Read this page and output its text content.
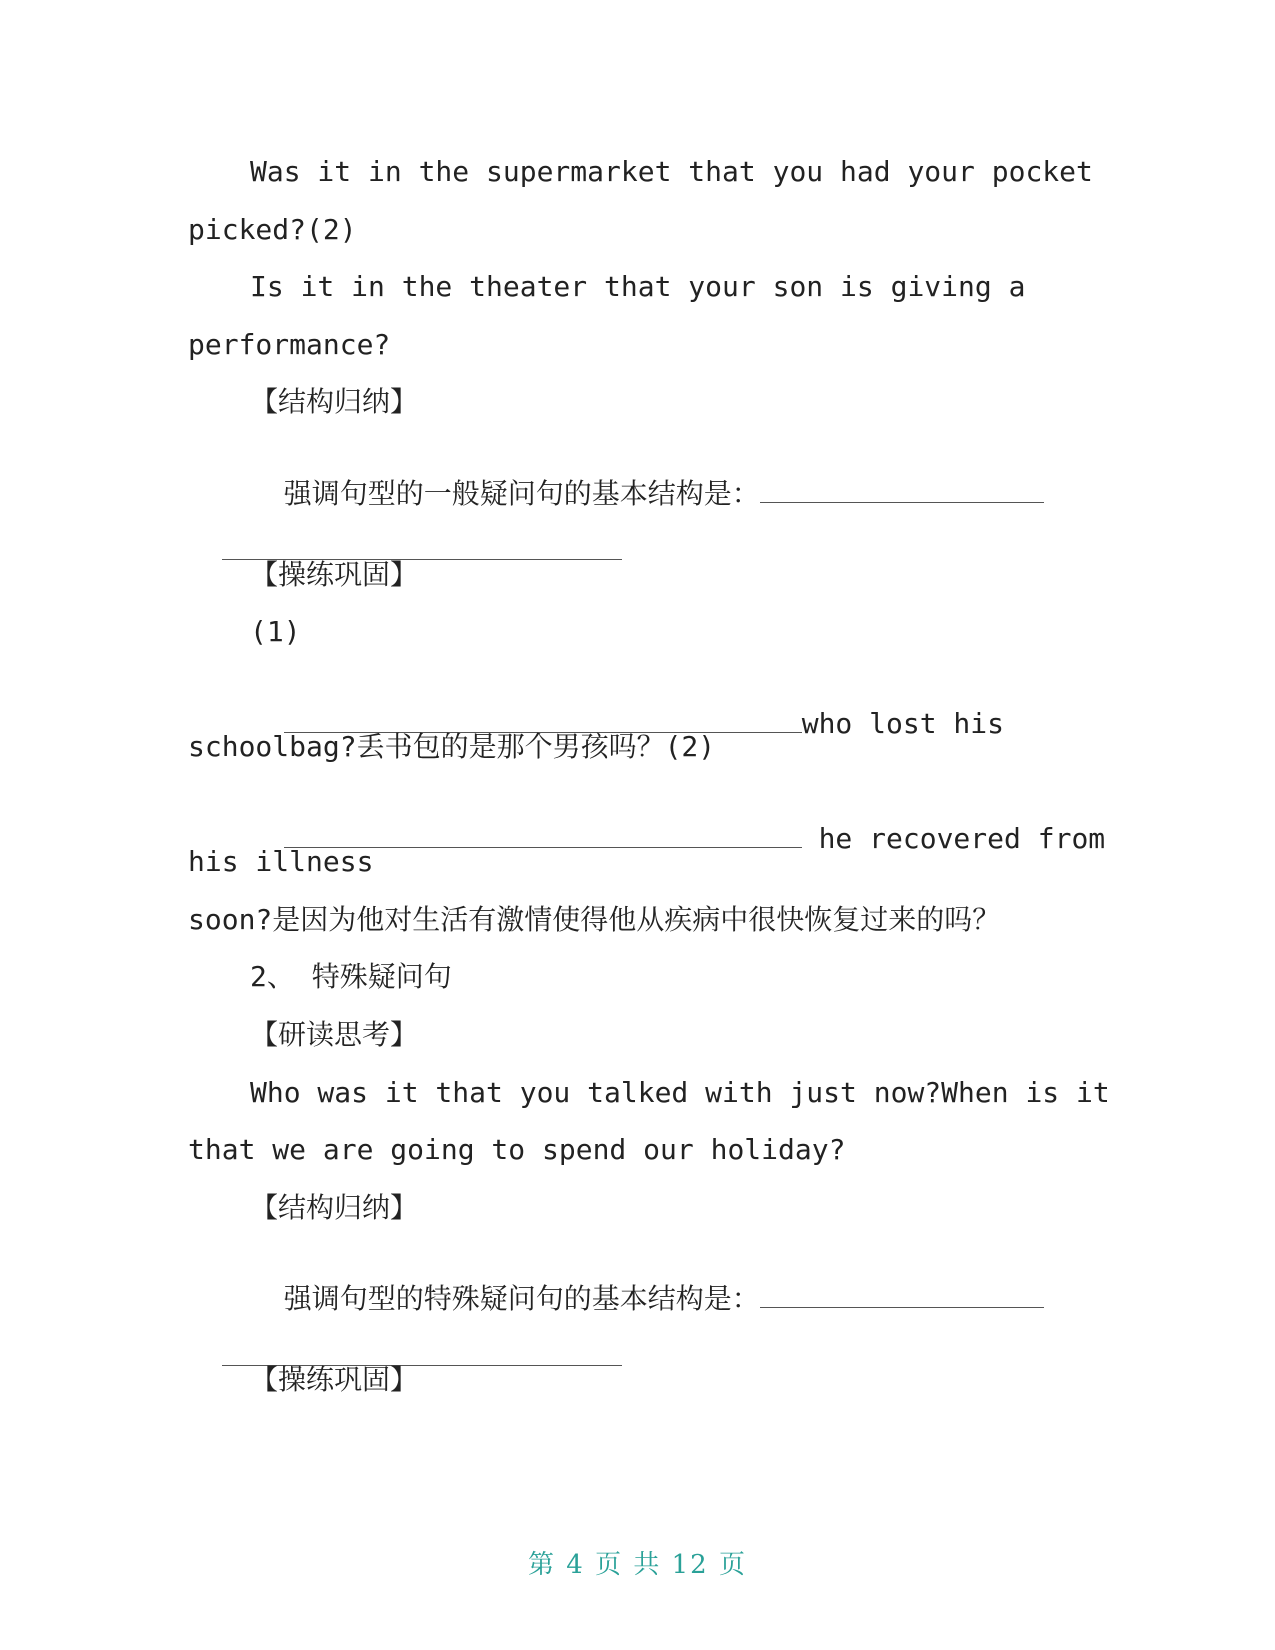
Was it in the supermarket that you had your pocket

picked?(2)

Is it in the theater that your son is giving a

performance?

【结构归纳】

强调句型的一般疑问句的基本结构是：

【操练巩固】

(1)

who lost his

schoolbag?丢书包的是那个男孩吗？(2)

he recovered from

his illness

soon?是因为他对生活有激情使得他从疾病中很快恢复过来的吗？

2、 特殊疑问句

【研读思考】

Who was it that you talked with just now?When is it

that we are going to spend our holiday?

【结构归纳】

强调句型的特殊疑问句的基本结构是：

【操练巩固】

第 4 页 共 12 页
